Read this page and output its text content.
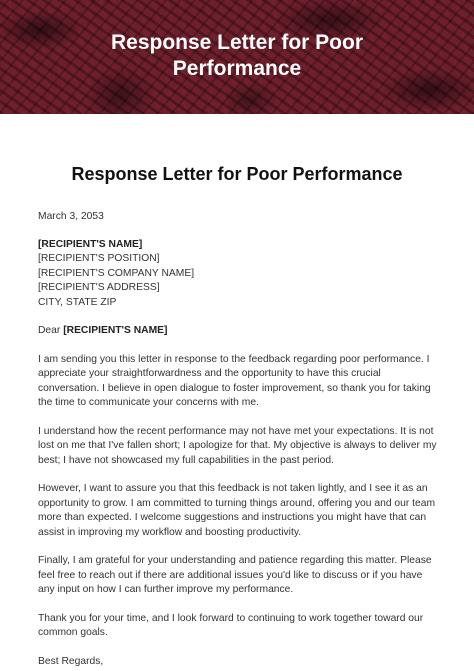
Response Letter for Poor
Performance
Response Letter for Poor Performance
March 3, 2053
[RECIPIENT'S NAME]
[RECIPIENT'S POSITION]
[RECIPIENT'S COMPANY NAME]
[RECIPIENT'S ADDRESS]
CITY, STATE ZIP
Dear [RECIPIENT'S NAME]
I am sending you this letter in response to the feedback regarding poor performance. I appreciate your straightforwardness and the opportunity to have this crucial conversation. I believe in open dialogue to foster improvement, so thank you for taking the time to communicate your concerns with me.
I understand how the recent performance may not have met your expectations. It is not lost on me that I've fallen short; I apologize for that. My objective is always to deliver my best; I have not showcased my full capabilities in the past period.
However, I want to assure you that this feedback is not taken lightly, and I see it as an opportunity to grow. I am committed to turning things around, offering you and our team more than expected. I welcome suggestions and instructions you might have that can assist in improving my workflow and boosting productivity.
Finally, I am grateful for your understanding and patience regarding this matter. Please feel free to reach out if there are additional issues you'd like to discuss or if you have any input on how I can further improve my performance.
Thank you for your time, and I look forward to continuing to work together toward our common goals.
Best Regards,
